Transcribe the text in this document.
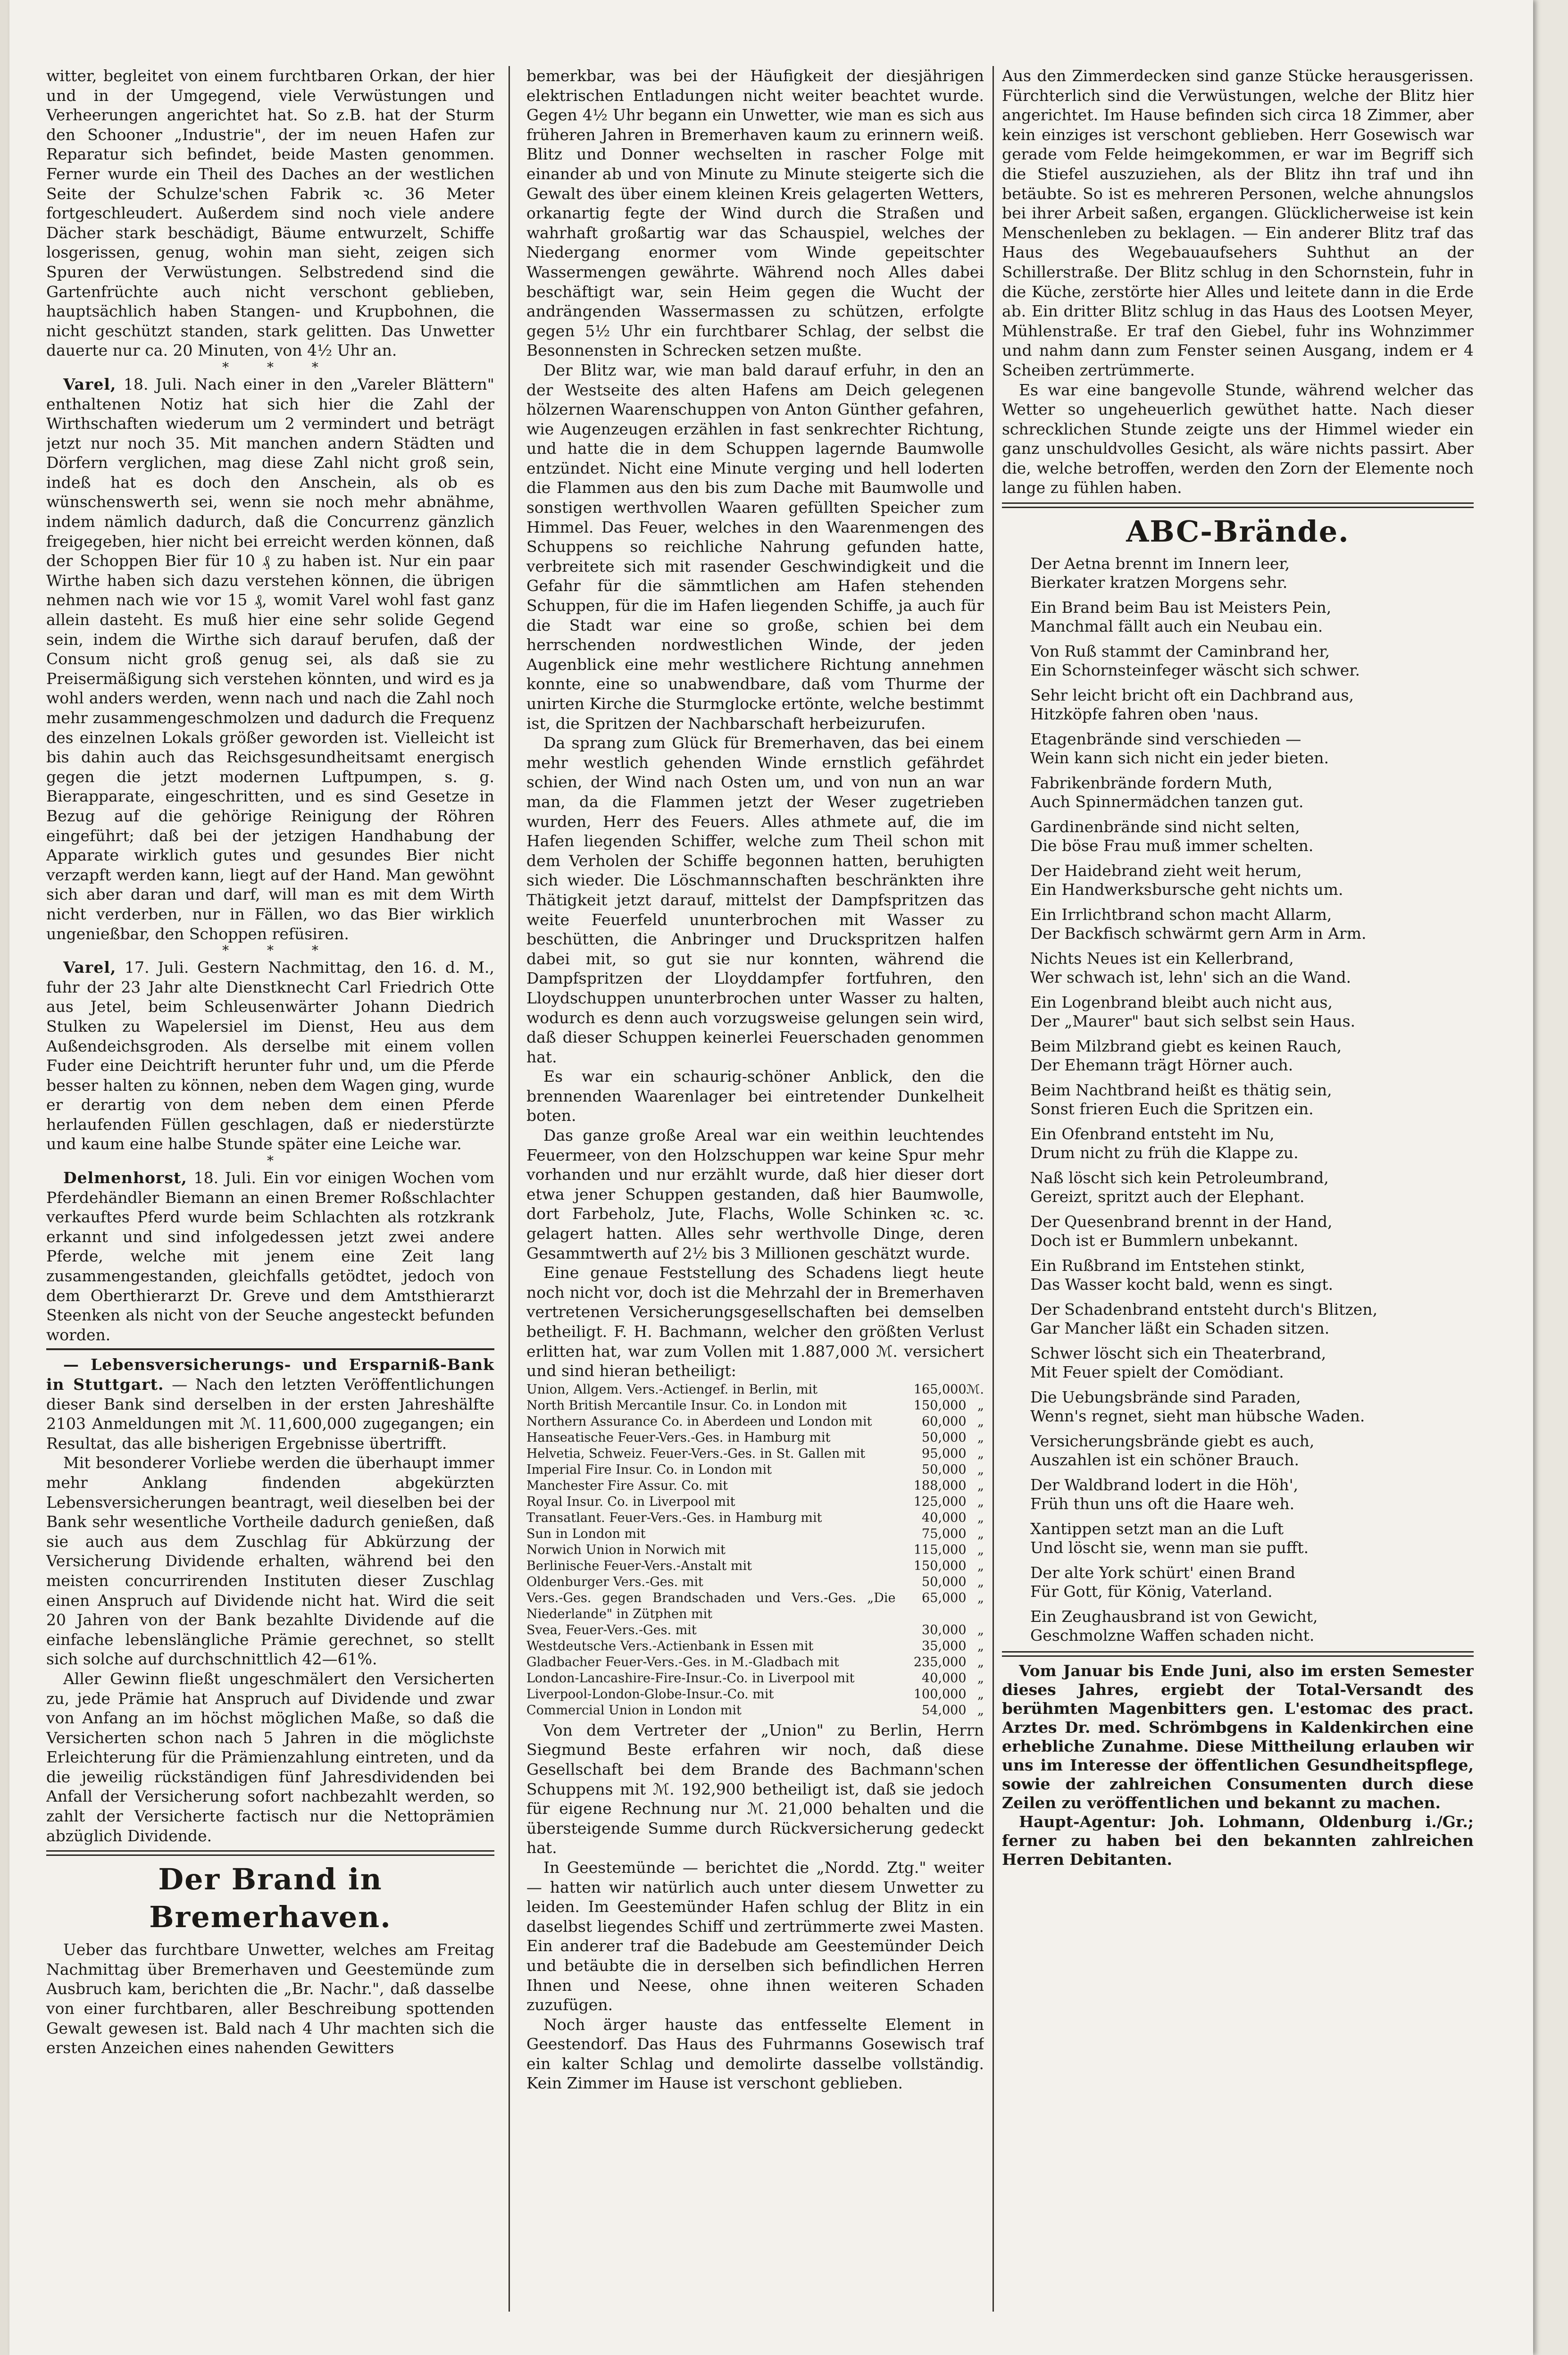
witter, begleitet von einem furchtbaren Orkan, der hier und in der Umgegend, viele Verwüstungen und Verheerungen angerichtet hat. So z.B. hat der Sturm den Schooner „Industrie", der im neuen Hafen zur Reparatur sich befindet, beide Masten genommen. Ferner wurde ein Theil des Daches an der westlichen Seite der Schulze'schen Fabrik ꝛc. 36 Meter fortgeschleudert. Außerdem sind noch viele andere Dächer stark beschädigt, Bäume entwurzelt, Schiffe losgerissen, genug, wohin man sieht, zeigen sich Spuren der Verwüstungen. Selbstredend sind die Gartenfrüchte auch nicht verschont geblieben, hauptsächlich haben Stangen- und Krupbohnen, die nicht geschützt standen, stark gelitten. Das Unwetter dauerte nur ca. 20 Minuten, von 4½ Uhr an.

* * *

Varel, 18. Juli. Nach einer in den „Vareler Blättern" enthaltenen Notiz hat sich hier die Zahl der Wirthschaften wiederum um 2 vermindert und beträgt jetzt nur noch 35. Mit manchen andern Städten und Dörfern verglichen, mag diese Zahl nicht groß sein, indeß hat es doch den Anschein, als ob es wünschenswerth sei, wenn sie noch mehr abnähme, indem nämlich dadurch, daß die Concurrenz gänzlich freigegeben, hier nicht bei erreicht werden können, daß der Schoppen Bier für 10 ₰ zu haben ist. Nur ein paar Wirthe haben sich dazu verstehen können, die übrigen nehmen nach wie vor 15 ₰, womit Varel wohl fast ganz allein dasteht. Es muß hier eine sehr solide Gegend sein, indem die Wirthe sich darauf berufen, daß der Consum nicht groß genug sei, als daß sie zu Preisermäßigung sich verstehen könnten, und wird es ja wohl anders werden, wenn nach und nach die Zahl noch mehr zusammengeschmolzen und dadurch die Frequenz des einzelnen Lokals größer geworden ist. Vielleicht ist bis dahin auch das Reichsgesundheitsamt energisch gegen die jetzt modernen Luftpumpen, s. g. Bierapparate, eingeschritten, und es sind Gesetze in Bezug auf die gehörige Reinigung der Röhren eingeführt; daß bei der jetzigen Handhabung der Apparate wirklich gutes und gesundes Bier nicht verzapft werden kann, liegt auf der Hand. Man gewöhnt sich aber daran und darf, will man es mit dem Wirth nicht verderben, nur in Fällen, wo das Bier wirklich ungenießbar, den Schoppen refüsiren.

* * *

Varel, 17. Juli. Gestern Nachmittag, den 16. d. M., fuhr der 23 Jahr alte Dienstknecht Carl Friedrich Otte aus Jetel, beim Schleusenwärter Johann Diedrich Stulken zu Wapelersiel im Dienst, Heu aus dem Außendeichsgroden. Als derselbe mit einem vollen Fuder eine Deichtrift herunter fuhr und, um die Pferde besser halten zu können, neben dem Wagen ging, wurde er derartig von dem neben dem einen Pferde herlaufenden Füllen geschlagen, daß er niederstürzte und kaum eine halbe Stunde später eine Leiche war.

*

Delmenhorst, 18. Juli. Ein vor einigen Wochen vom Pferdehändler Biemann an einen Bremer Roßschlachter verkauftes Pferd wurde beim Schlachten als rotzkrank erkannt und sind infolgedessen jetzt zwei andere Pferde, welche mit jenem eine Zeit lang zusammengestanden, gleichfalls getödtet, jedoch von dem Oberthierarzt Dr. Greve und dem Amtsthierarzt Steenken als nicht von der Seuche angesteckt befunden worden.

— Lebensversicherungs- und Ersparniß-Bank in Stuttgart. — Nach den letzten Veröffentlichungen dieser Bank sind derselben in der ersten Jahreshälfte 2103 Anmeldungen mit ℳ. 11,600,000 zugegangen; ein Resultat, das alle bisherigen Ergebnisse übertrifft.

Mit besonderer Vorliebe werden die überhaupt immer mehr Anklang findenden abgekürzten Lebensversicherungen beantragt, weil dieselben bei der Bank sehr wesentliche Vortheile dadurch genießen, daß sie auch aus dem Zuschlag für Abkürzung der Versicherung Dividende erhalten, während bei den meisten concurrirenden Instituten dieser Zuschlag einen Anspruch auf Dividende nicht hat. Wird die seit 20 Jahren von der Bank bezahlte Dividende auf die einfache lebenslängliche Prämie gerechnet, so stellt sich solche auf durchschnittlich 42—61%.

Aller Gewinn fließt ungeschmälert den Versicherten zu, jede Prämie hat Anspruch auf Dividende und zwar von Anfang an im höchst möglichen Maße, so daß die Versicherten schon nach 5 Jahren in die möglichste Erleichterung für die Prämienzahlung eintreten, und da die jeweilig rückständigen fünf Jahresdividenden bei Anfall der Versicherung sofort nachbezahlt werden, so zahlt der Versicherte factisch nur die Nettoprämien abzüglich Dividende.

Der Brand in Bremerhaven.

Ueber das furchtbare Unwetter, welches am Freitag Nachmittag über Bremerhaven und Geestemünde zum Ausbruch kam, berichten die „Br. Nachr.", daß dasselbe von einer furchtbaren, aller Beschreibung spottenden Gewalt gewesen ist. Bald nach 4 Uhr machten sich die ersten Anzeichen eines nahenden Gewitters

bemerkbar, was bei der Häufigkeit der diesjährigen elektrischen Entladungen nicht weiter beachtet wurde. Gegen 4½ Uhr begann ein Unwetter, wie man es sich aus früheren Jahren in Bremerhaven kaum zu erinnern weiß. Blitz und Donner wechselten in rascher Folge mit einander ab und von Minute zu Minute steigerte sich die Gewalt des über einem kleinen Kreis gelagerten Wetters, orkanartig fegte der Wind durch die Straßen und wahrhaft großartig war das Schauspiel, welches der Niedergang enormer vom Winde gepeitschter Wassermengen gewährte. Während noch Alles dabei beschäftigt war, sein Heim gegen die Wucht der andrängenden Wassermassen zu schützen, erfolgte gegen 5½ Uhr ein furchtbarer Schlag, der selbst die Besonnensten in Schrecken setzen mußte.

Der Blitz war, wie man bald darauf erfuhr, in den an der Westseite des alten Hafens am Deich gelegenen hölzernen Waarenschuppen von Anton Günther gefahren, wie Augenzeugen erzählen in fast senkrechter Richtung, und hatte die in dem Schuppen lagernde Baumwolle entzündet. Nicht eine Minute verging und hell loderten die Flammen aus den bis zum Dache mit Baumwolle und sonstigen werthvollen Waaren gefüllten Speicher zum Himmel. Das Feuer, welches in den Waarenmengen des Schuppens so reichliche Nahrung gefunden hatte, verbreitete sich mit rasender Geschwindigkeit und die Gefahr für die sämmtlichen am Hafen stehenden Schuppen, für die im Hafen liegenden Schiffe, ja auch für die Stadt war eine so große, schien bei dem herrschenden nordwestlichen Winde, der jeden Augenblick eine mehr westlichere Richtung annehmen konnte, eine so unabwendbare, daß vom Thurme der unirten Kirche die Sturmglocke ertönte, welche bestimmt ist, die Spritzen der Nachbarschaft herbeizurufen.

Da sprang zum Glück für Bremerhaven, das bei einem mehr westlich gehenden Winde ernstlich gefährdet schien, der Wind nach Osten um, und von nun an war man, da die Flammen jetzt der Weser zugetrieben wurden, Herr des Feuers. Alles athmete auf, die im Hafen liegenden Schiffer, welche zum Theil schon mit dem Verholen der Schiffe begonnen hatten, beruhigten sich wieder. Die Löschmannschaften beschränkten ihre Thätigkeit jetzt darauf, mittelst der Dampfspritzen das weite Feuerfeld ununterbrochen mit Wasser zu beschütten, die Anbringer und Druckspritzen halfen dabei mit, so gut sie nur konnten, während die Dampfspritzen der Lloyddampfer fortfuhren, den Lloydschuppen ununterbrochen unter Wasser zu halten, wodurch es denn auch vorzugsweise gelungen sein wird, daß dieser Schuppen keinerlei Feuerschaden genommen hat.

Es war ein schaurig-schöner Anblick, den die brennenden Waarenlager bei eintretender Dunkelheit boten.

Das ganze große Areal war ein weithin leuchtendes Feuermeer, von den Holzschuppen war keine Spur mehr vorhanden und nur erzählt wurde, daß hier dieser dort etwa jener Schuppen gestanden, daß hier Baumwolle, dort Farbeholz, Jute, Flachs, Wolle Schinken ꝛc. ꝛc. gelagert hatten. Alles sehr werthvolle Dinge, deren Gesammtwerth auf 2½ bis 3 Millionen geschätzt wurde.

Eine genaue Feststellung des Schadens liegt heute noch nicht vor, doch ist die Mehrzahl der in Bremerhaven vertretenen Versicherungsgesellschaften bei demselben betheiligt. F. H. Bachmann, welcher den größten Verlust erlitten hat, war zum Vollen mit 1.887,000 ℳ. versichert und sind hieran betheiligt:

Union, Allgem. Vers.-Actiengef. in Berlin, mit	165,000	ℳ.
North British Mercantile Insur. Co. in London mit	150,000	„
Northern Assurance Co. in Aberdeen und London mit	60,000	„
Hanseatische Feuer-Vers.-Ges. in Hamburg mit	50,000	„
Helvetia, Schweiz. Feuer-Vers.-Ges. in St. Gallen mit	95,000	„
Imperial Fire Insur. Co. in London mit	50,000	„
Manchester Fire Assur. Co. mit	188,000	„
Royal Insur. Co. in Liverpool mit	125,000	„
Transatlant. Feuer-Vers.-Ges. in Hamburg mit	40,000	„
Sun in London mit	75,000	„
Norwich Union in Norwich mit	115,000	„
Berlinische Feuer-Vers.-Anstalt mit	150,000	„
Oldenburger Vers.-Ges. mit	50,000	„
Vers.-Ges. gegen Brandschaden und Vers.-Ges. „Die Niederlande" in Zütphen mit	65,000	„
Svea, Feuer-Vers.-Ges. mit	30,000	„
Westdeutsche Vers.-Actienbank in Essen mit	35,000	„
Gladbacher Feuer-Vers.-Ges. in M.-Gladbach mit	235,000	„
London-Lancashire-Fire-Insur.-Co. in Liverpool mit	40,000	„
Liverpool-London-Globe-Insur.-Co. mit	100,000	„
Commercial Union in London mit	54,000	„

Von dem Vertreter der „Union" zu Berlin, Herrn Siegmund Beste erfahren wir noch, daß diese Gesellschaft bei dem Brande des Bachmann'schen Schuppens mit ℳ. 192,900 betheiligt ist, daß sie jedoch für eigene Rechnung nur ℳ. 21,000 behalten und die übersteigende Summe durch Rückversicherung gedeckt hat.

In Geestemünde — berichtet die „Nordd. Ztg." weiter — hatten wir natürlich auch unter diesem Unwetter zu leiden. Im Geestemünder Hafen schlug der Blitz in ein daselbst liegendes Schiff und zertrümmerte zwei Masten. Ein anderer traf die Badebude am Geestemünder Deich und betäubte die in derselben sich befindlichen Herren Ihnen und Neese, ohne ihnen weiteren Schaden zuzufügen.

Noch ärger hauste das entfesselte Element in Geestendorf. Das Haus des Fuhrmanns Gosewisch traf ein kalter Schlag und demolirte dasselbe vollständig. Kein Zimmer im Hause ist verschont geblieben.

Aus den Zimmerdecken sind ganze Stücke herausgerissen. Fürchterlich sind die Verwüstungen, welche der Blitz hier angerichtet. Im Hause befinden sich circa 18 Zimmer, aber kein einziges ist verschont geblieben. Herr Gosewisch war gerade vom Felde heimgekommen, er war im Begriff sich die Stiefel auszuziehen, als der Blitz ihn traf und ihn betäubte. So ist es mehreren Personen, welche ahnungslos bei ihrer Arbeit saßen, ergangen. Glücklicherweise ist kein Menschenleben zu beklagen. — Ein anderer Blitz traf das Haus des Wegebauaufsehers Suhthut an der Schillerstraße. Der Blitz schlug in den Schornstein, fuhr in die Küche, zerstörte hier Alles und leitete dann in die Erde ab. Ein dritter Blitz schlug in das Haus des Lootsen Meyer, Mühlenstraße. Er traf den Giebel, fuhr ins Wohnzimmer und nahm dann zum Fenster seinen Ausgang, indem er 4 Scheiben zertrümmerte.

Es war eine bangevolle Stunde, während welcher das Wetter so ungeheuerlich gewüthet hatte. Nach dieser schrecklichen Stunde zeigte uns der Himmel wieder ein ganz unschuldvolles Gesicht, als wäre nichts passirt. Aber die, welche betroffen, werden den Zorn der Elemente noch lange zu fühlen haben.

ABC-Brände.
Der Aetna brennt im Innern leer,
Bierkater kratzen Morgens sehr.
Ein Brand beim Bau ist Meisters Pein,
Manchmal fällt auch ein Neubau ein.
Von Ruß stammt der Caminbrand her,
Ein Schornsteinfeger wäscht sich schwer.
Sehr leicht bricht oft ein Dachbrand aus,
Hitzköpfe fahren oben 'naus.
Etagenbrände sind verschieden —
Wein kann sich nicht ein jeder bieten.
Fabrikenbrände fordern Muth,
Auch Spinnermädchen tanzen gut.
Gardinenbrände sind nicht selten,
Die böse Frau muß immer schelten.
Der Haidebrand zieht weit herum,
Ein Handwerksbursche geht nichts um.
Ein Irrlichtbrand schon macht Allarm,
Der Backfisch schwärmt gern Arm in Arm.
Nichts Neues ist ein Kellerbrand,
Wer schwach ist, lehn' sich an die Wand.
Ein Logenbrand bleibt auch nicht aus,
Der „Maurer" baut sich selbst sein Haus.
Beim Milzbrand giebt es keinen Rauch,
Der Ehemann trägt Hörner auch.
Beim Nachtbrand heißt es thätig sein,
Sonst frieren Euch die Spritzen ein.
Ein Ofenbrand entsteht im Nu,
Drum nicht zu früh die Klappe zu.
Naß löscht sich kein Petroleumbrand,
Gereizt, spritzt auch der Elephant.
Der Quesenbrand brennt in der Hand,
Doch ist er Bummlern unbekannt.
Ein Rußbrand im Entstehen stinkt,
Das Wasser kocht bald, wenn es singt.
Der Schadenbrand entsteht durch's Blitzen,
Gar Mancher läßt ein Schaden sitzen.
Schwer löscht sich ein Theaterbrand,
Mit Feuer spielt der Comödiant.
Die Uebungsbrände sind Paraden,
Wenn's regnet, sieht man hübsche Waden.
Versicherungsbrände giebt es auch,
Auszahlen ist ein schöner Brauch.
Der Waldbrand lodert in die Höh',
Früh thun uns oft die Haare weh.
Xantippen setzt man an die Luft
Und löscht sie, wenn man sie pufft.
Der alte York schürt' einen Brand
Für Gott, für König, Vaterland.
Ein Zeughausbrand ist von Gewicht,
Geschmolzne Waffen schaden nicht.

Vom Januar bis Ende Juni, also im ersten Semester dieses Jahres, ergiebt der Total-Versandt des berühmten Magenbitters gen. L'estomac des pract. Arztes Dr. med. Schrömbgens in Kaldenkirchen eine erhebliche Zunahme. Diese Mittheilung erlauben wir uns im Interesse der öffentlichen Gesundheitspflege, sowie der zahlreichen Consumenten durch diese Zeilen zu veröffentlichen und bekannt zu machen.

Haupt-Agentur: Joh. Lohmann, Oldenburg i./Gr.; ferner zu haben bei den bekannten zahlreichen Herren Debitanten.
